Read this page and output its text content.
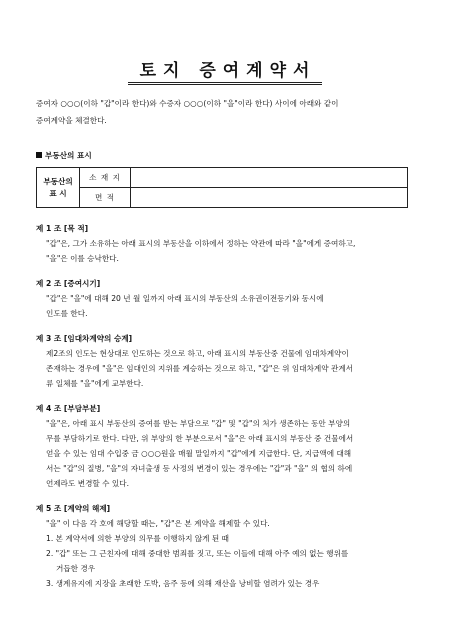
토지 증여계약서
증여자 ○○○(이하 "갑"이라 한다)와 수증자 ○○○(이하 "을"이라 한다) 사이에 아래와 같이
증여계약을 체결한다.
부동산의 표시
부동산의
표 시	소 재 지	
	면 적	
제 1 조 [목 적]
"갑"은, 그가 소유하는 아래 표시의 부동산을 이하에서 정하는 약관에 따라 "을"에게 증여하고,
"을"은 이를 승낙한다.
제 2 조 [증여시기]
"갑"은 "을"에 대해 20 년 월 일까지 아래 표시의 부동산의 소유권이전등기와 동시에
인도를 한다.
제 3 조 [임대차계약의 승계]
제2조의 인도는 현상대로 인도하는 것으로 하고, 아래 표시의 부동산중 건물에 임대차계약이
존재하는 경우에 "을"은 임대인의 지위를 계승하는 것으로 하고, "갑"은 위 임대차계약 관계서
류 일체를 "을"에게 교부한다.
제 4 조 [부담부분]
"을"은, 아래 표시 부동산의 증여를 받는 부담으로 "갑" 및 "갑"의 처가 생존하는 동안 부양의
무를 부담하기로 한다. 다만, 위 부양의 한 부분으로서 "을"은 아래 표시의 부동산 중 건물에서
얻을 수 있는 임대 수입중 금 ○○○원을 매월 말일까지 "갑"에게 지급한다. 단, 지급액에 대해
서는 "갑"의 질병, "을"의 자녀출생 등 사정의 변경이 있는 경우에는 "갑"과 "을" 의 협의 하에
언제라도 변경할 수 있다.
제 5 조 [계약의 해제]
"을" 이 다음 각 호에 해당할 때는, "갑"은 본 계약을 해제할 수 있다.
1. 본 계약서에 의한 부양의 의무를 이행하지 않게 된 때
2. "갑" 또는 그 근친자에 대해 중대한 범죄를 짓고, 또는 이들에 대해 아주 예의 없는 행위를
거듭한 경우
3. 생계유지에 지장을 초래한 도박, 음주 등에 의해 재산을 낭비할 염려가 있는 경우
